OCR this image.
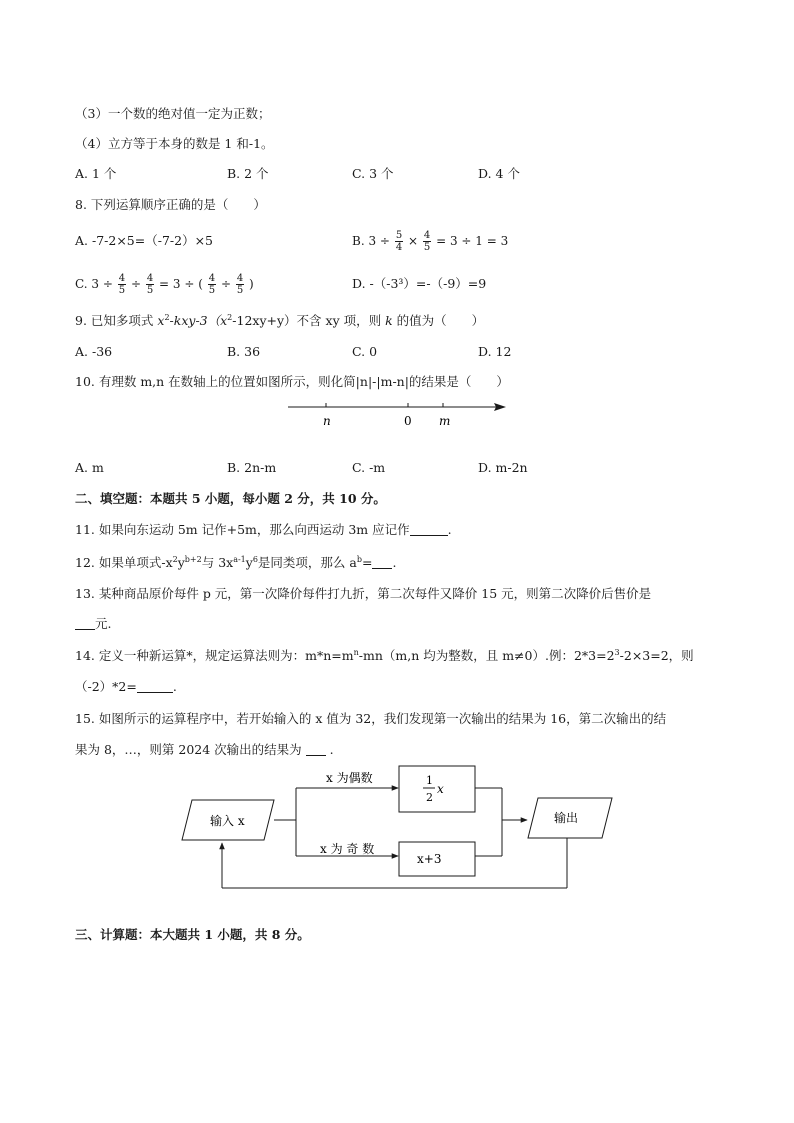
（3）一个数的绝对值一定为正数；
（4）立方等于本身的数是 1 和-1。
A. 1 个	B. 2 个	C. 3 个	D. 4 个
8. 下列运算顺序正确的是（　　）
A. -7-2×5=（-7-2）×5	B. $3 \div \frac{5}{4} \times \frac{4}{5} = 3 \div 1 = 3$
C. $3 \div \frac{4}{5} \div \frac{4}{5} = 3$ ÷ ( $\frac{4}{5} \div \frac{4}{5}$ )	D. -（-3³）=-（-9）=9
9. 已知多项式 $x^2-kxy-3(x^2-12xy+y)$不含 xy 项，则 k 的值为（　　）
A. -36	B. 36	C. 0	D. 12
10. 有理数 m,n 在数轴上的位置如图所示，则化简|n|-|m-n|的结果是（　　）
n	0 m
A. m	B. 2n-m	C. -m	D. m-2n
二、填空题：本题共 5 小题，每小题 2 分，共 10 分。
11. 如果向东运动 5m 记作+5m，那么向西运动 3m 应记作	.
12. 如果单项式$-x^2y^{b+2}$与 $3x^{a-1}y^6$是同类项，那么 $a^b=$ .
13. 某种商品原价每件 p 元，第一次降价每件打九折，第二次每件又降价 15 元，则第二次降价后售价是
元.
14. 定义一种新运算*，规定运算法则为：$m*n=m^n-mn(m,n$ 均为整数，且 m≠0）.例：$2*3=2^3-2\times 3=2$，则
（-2）*2=	.
15. 如图所示的运算程序中，若开始输入的 x 值为 32，我们发现第一次输出的结果为 16，第二次输出的结
果为 8，…，则第 2024 次输出的结果为 .
输入 x
x 为偶数
x 为 奇 数
1
2
x
x+3
输出
三、计算题：本大题共 1 小题，共 8 分。
